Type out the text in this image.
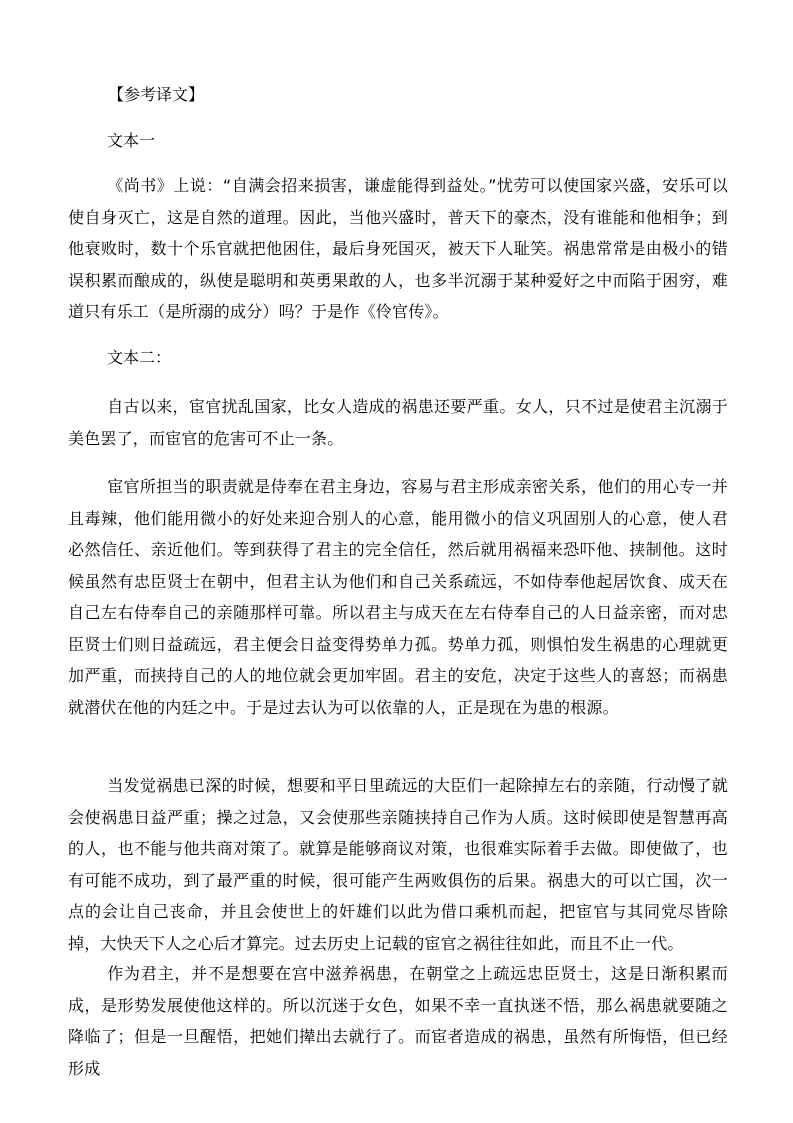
【参考译文】
文本一

《尚书》上说：“自满会招来损害，谦虚能得到益处。”忧劳可以使国家兴盛，安乐可以使自身灭亡，这是自然的道理。因此，当他兴盛时，普天下的豪杰，没有谁能和他相争；到他衰败时，数十个乐官就把他困住，最后身死国灭，被天下人耻笑。祸患常常是由极小的错误积累而酿成的，纵使是聪明和英勇果敢的人，也多半沉溺于某种爱好之中而陷于困穷，难道只有乐工（是所溺的成分）吗？于是作《伶官传》。

文本二：

自古以来，宦官扰乱国家，比女人造成的祸患还要严重。女人，只不过是使君主沉溺于美色罢了，而宦官的危害可不止一条。

宦官所担当的职责就是侍奉在君主身边，容易与君主形成亲密关系，他们的用心专一并且毒辣，他们能用微小的好处来迎合别人的心意，能用微小的信义巩固别人的心意，使人君必然信任、亲近他们。等到获得了君主的完全信任，然后就用祸福来恐吓他、挟制他。这时候虽然有忠臣贤士在朝中，但君主认为他们和自己关系疏远，不如侍奉他起居饮食、成天在自己左右侍奉自己的亲随那样可靠。所以君主与成天在左右侍奉自己的人日益亲密，而对忠臣贤士们则日益疏远，君主便会日益变得势单力孤。势单力孤，则惧怕发生祸患的心理就更加严重，而挟持自己的人的地位就会更加牢固。君主的安危，决定于这些人的喜怒；而祸患就潜伏在他的内廷之中。于是过去认为可以依靠的人，正是现在为患的根源。

当发觉祸患已深的时候，想要和平日里疏远的大臣们一起除掉左右的亲随，行动慢了就会使祸患日益严重；操之过急，又会使那些亲随挟持自己作为人质。这时候即使是智慧再高的人，也不能与他共商对策了。就算是能够商议对策，也很难实际着手去做。即使做了，也有可能不成功，到了最严重的时候，很可能产生两败俱伤的后果。祸患大的可以亡国，次一点的会让自己丧命，并且会使世上的奸雄们以此为借口乘机而起，把宦官与其同党尽皆除掉，大快天下人之心后才算完。过去历史上记载的宦官之祸往往如此，而且不止一代。

作为君主，并不是想要在宫中滋养祸患，在朝堂之上疏远忠臣贤士，这是日渐积累而成，是形势发展使他这样的。所以沉迷于女色，如果不幸一直执迷不悟，那么祸患就要随之降临了；但是一旦醒悟，把她们撵出去就行了。而宦者造成的祸患，虽然有所悔悟，但已经形成
